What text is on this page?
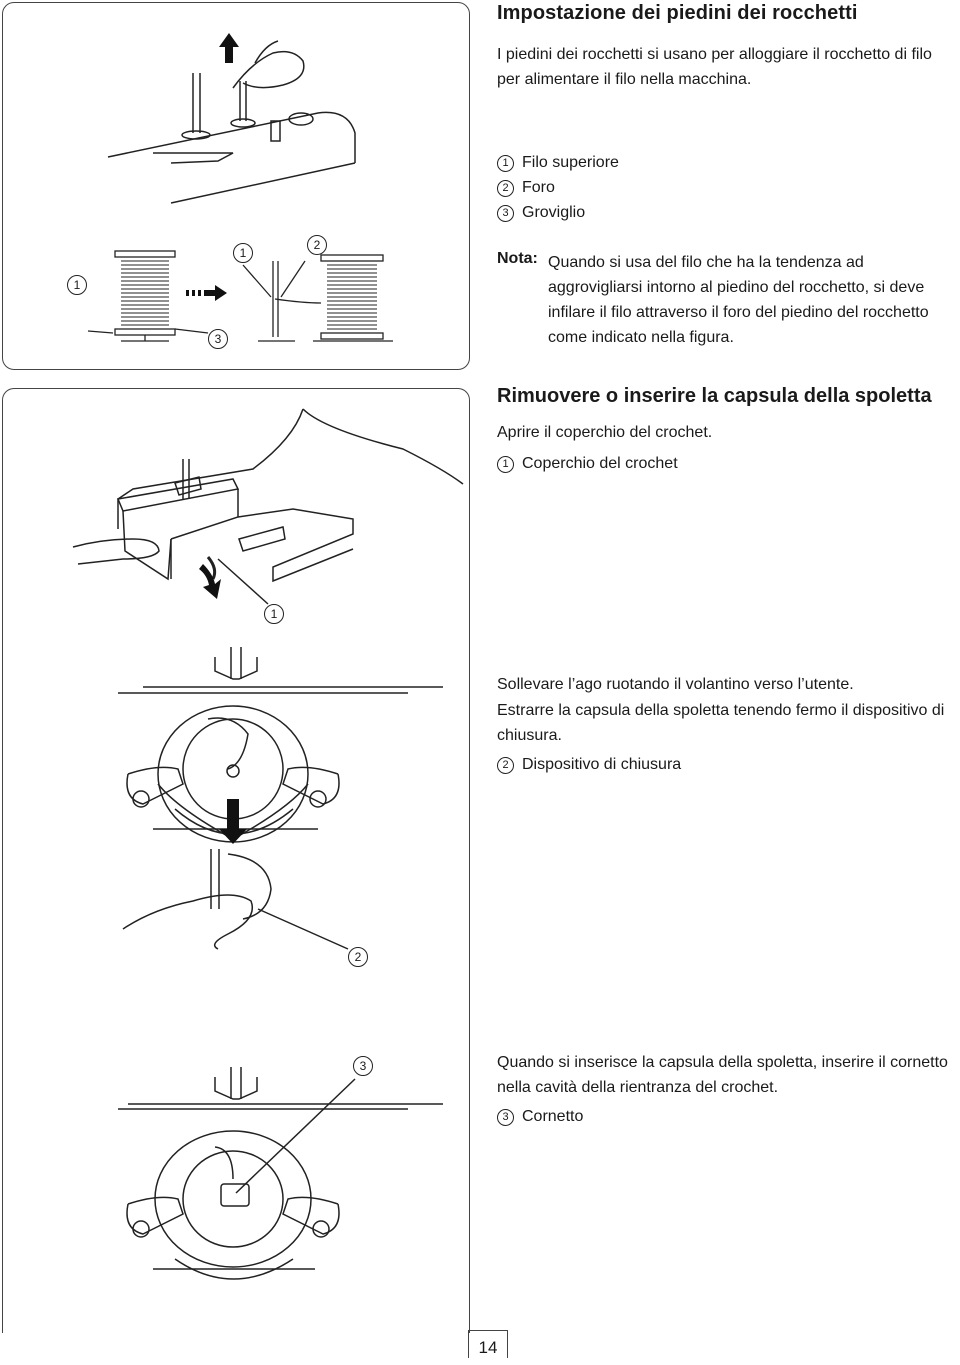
1
1
2
3
Impostazione dei piedini dei rocchetti
I piedini dei rocchetti si usano per alloggiare il rocchetto di filo per alimentare il filo nella macchina.
1 Filo superiore
2 Foro
3 Groviglio
Nota: Quando si usa del filo che ha la tendenza ad aggrovigliarsi intorno al piedino del rocchetto, si deve infilare il filo attraverso il foro del piedino del rocchetto come indicato nella figura.
1
2
3
Rimuovere o inserire la capsula della spoletta
Aprire il coperchio del crochet.
1 Coperchio del crochet
Sollevare l’ago ruotando il volantino verso l’utente.
Estrarre la capsula della spoletta tenendo fermo il dispositivo di chiusura.
2 Dispositivo di chiusura
Quando si inserisce la capsula della spoletta, inserire il cornetto nella cavità della rientranza del crochet.
3 Cornetto
14
